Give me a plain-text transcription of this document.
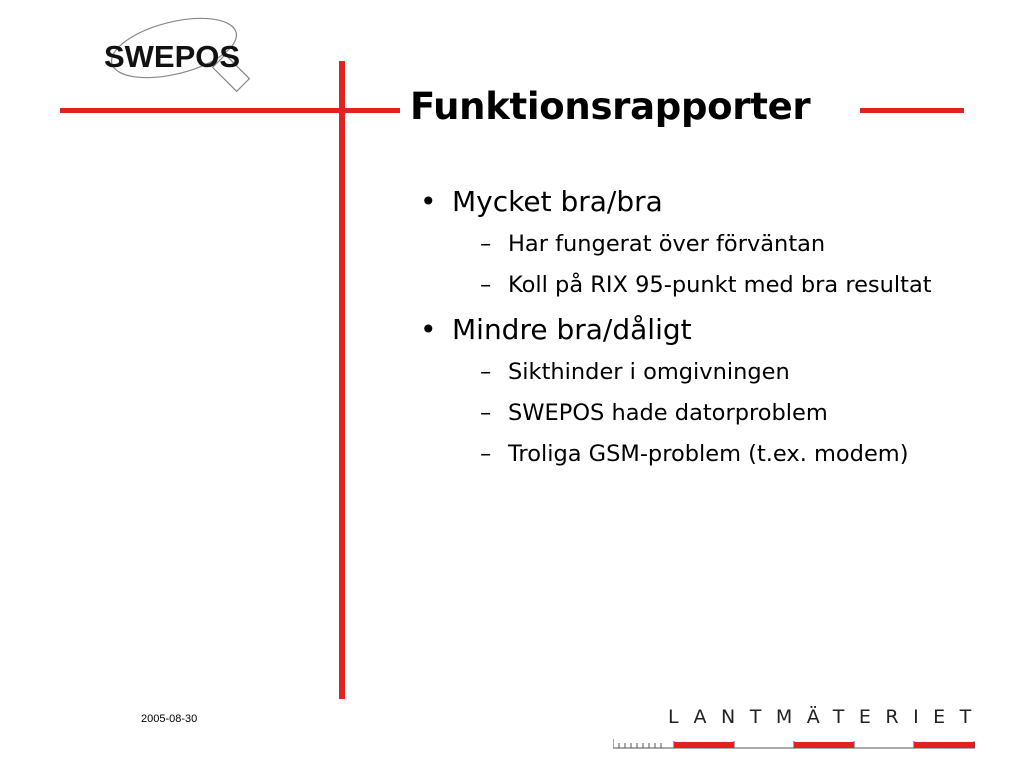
SWEPOS
Funktionsrapporter
• Mycket bra/bra
– Har fungerat över förväntan
– Koll på RIX 95-punkt med bra resultat
• Mindre bra/dåligt
– Sikthinder i omgivningen
– SWEPOS hade datorproblem
– Troliga GSM-problem (t.ex. modem)
2005-08-30	LANTMÄTERIET
